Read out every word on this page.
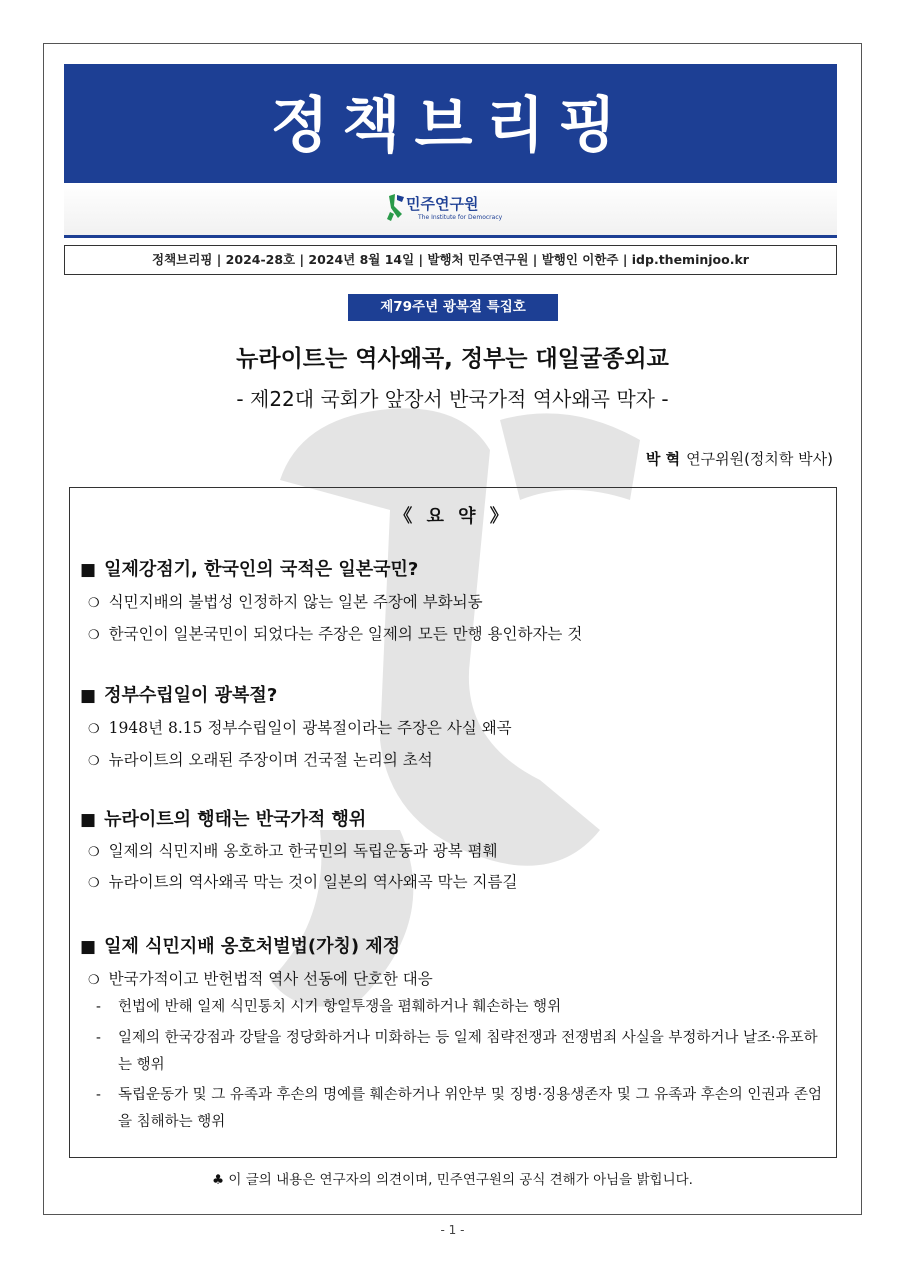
정책브리핑
민주연구원
The Institute for Democracy
정책브리핑 | 2024-28호 | 2024년 8월 14일 | 발행처 민주연구원 | 발행인 이한주 | idp.theminjoo.kr
제79주년 광복절 특집호
뉴라이트는 역사왜곡, 정부는 대일굴종외교
- 제22대 국회가 앞장서 반국가적 역사왜곡 막자 -
박 혁 연구위원(정치학 박사)
《 요 약 》
■ 일제강점기, 한국인의 국적은 일본국민?
❍ 식민지배의 불법성 인정하지 않는 일본 주장에 부화뇌동
❍ 한국인이 일본국민이 되었다는 주장은 일제의 모든 만행 용인하자는 것
■ 정부수립일이 광복절?
❍ 1948년 8.15 정부수립일이 광복절이라는 주장은 사실 왜곡
❍ 뉴라이트의 오래된 주장이며 건국절 논리의 초석
■ 뉴라이트의 행태는 반국가적 행위
❍ 일제의 식민지배 옹호하고 한국민의 독립운동과 광복 폄훼
❍ 뉴라이트의 역사왜곡 막는 것이 일본의 역사왜곡 막는 지름길
■ 일제 식민지배 옹호처벌법(가칭) 제정
❍ 반국가적이고 반헌법적 역사 선동에 단호한 대응
-	헌법에 반해 일제 식민통치 시기 항일투쟁을 폄훼하거나 훼손하는 행위
-	일제의 한국강점과 강탈을 정당화하거나 미화하는 등 일제 침략전쟁과 전쟁범죄 사실을 부정하거나 날조·유포하는 행위
-	독립운동가 및 그 유족과 후손의 명예를 훼손하거나 위안부 및 징병·징용생존자 및 그 유족과 후손의 인권과 존엄을 침해하는 행위
♣ 이 글의 내용은 연구자의 의견이며, 민주연구원의 공식 견해가 아님을 밝힙니다.
- 1 -
